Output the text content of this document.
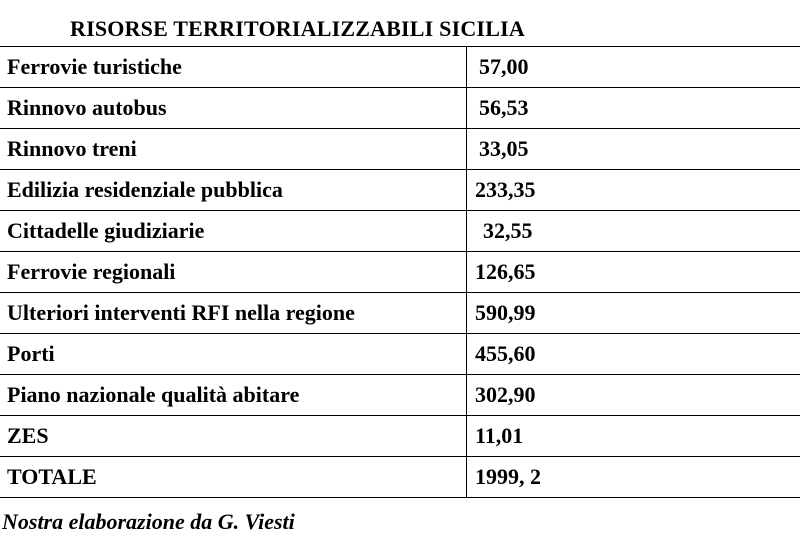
RISORSE TERRITORIALIZZABILI SICILIA
Ferrovie turistiche	57,00
Rinnovo autobus	56,53
Rinnovo treni	33,05
Edilizia residenziale pubblica	233,35
Cittadelle giudiziarie	32,55
Ferrovie regionali	126,65
Ulteriori interventi RFI nella regione	590,99
Porti	455,60
Piano nazionale qualità abitare	302,90
ZES	11,01
TOTALE	1999, 2

Nostra elaborazione da G. Viesti
